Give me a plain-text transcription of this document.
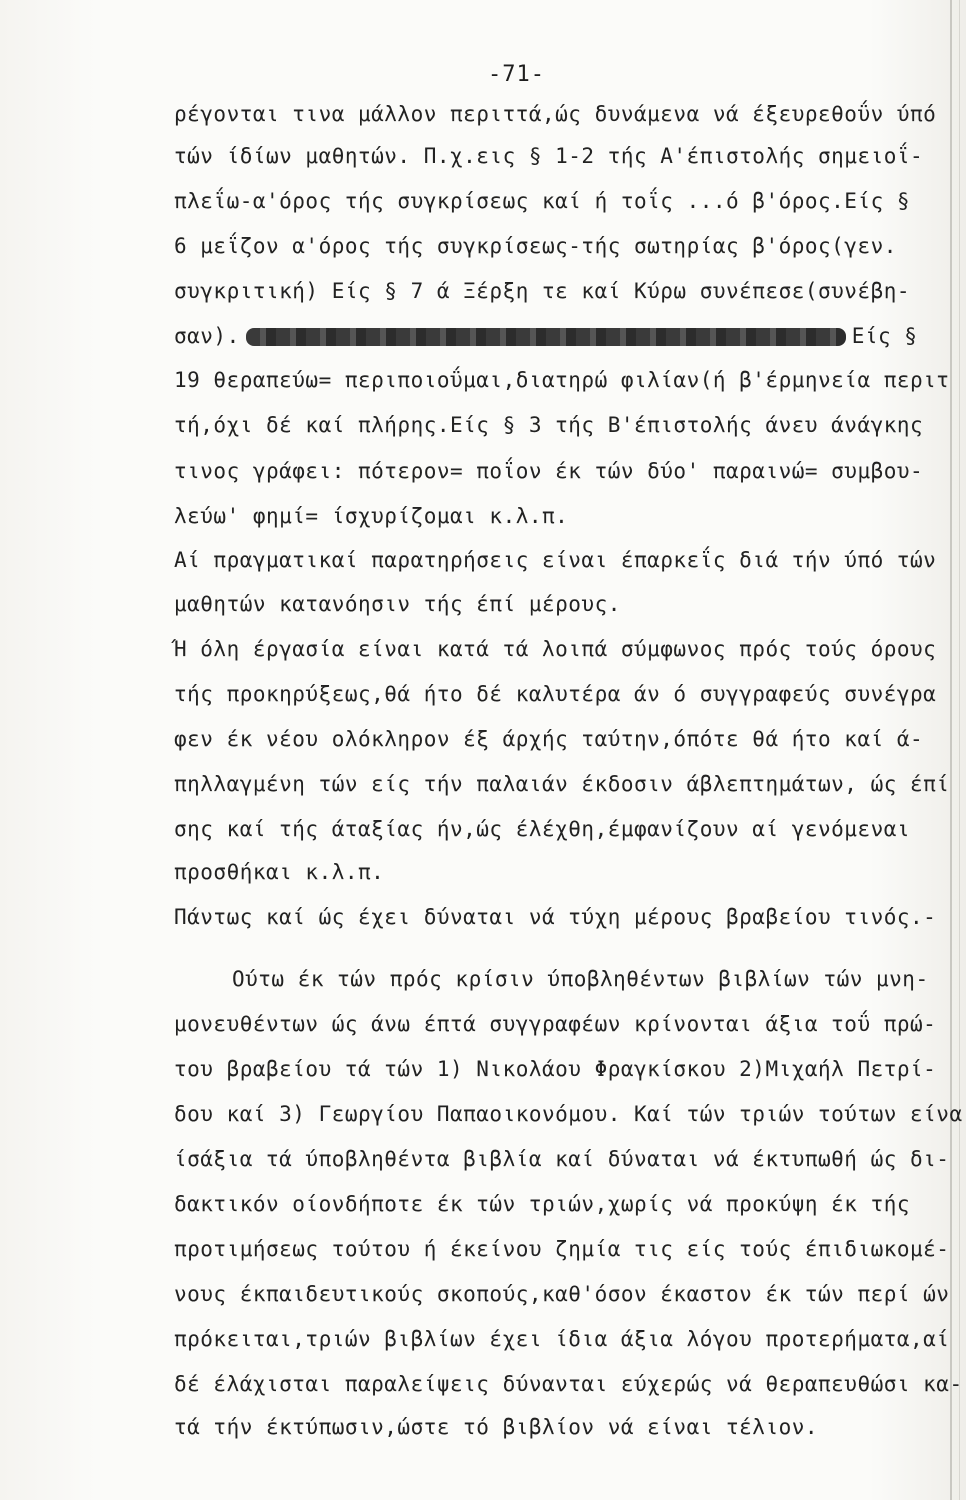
-71-
ρέγονται τινα μάλλον περιττά,ώς δυνάμενα νά έξευρεθοΰν ύπό
τών ίδίων μαθητών. Π.χ.εις § 1-2 τής Α'έπιστολής σημειοΐ-
πλεΐω-α'όρος τής συγκρίσεως καί ή τοΐς ...ό β'όρος.Είς §
6 μεΐζον α'όρος τής συγκρίσεως-τής σωτηρίας β'όρος(γεν.
συγκριτική) Είς § 7 ά Ξέρξη τε καί Κύρω συνέπεσε(συνέβη-
σαν).	Είς §
19 θεραπεύω= περιποιοΰμαι,διατηρώ φιλίαν(ή β'έρμηνεία περιτ
τή,όχι δέ καί πλήρης.Είς § 3 τής Β'έπιστολής άνευ άνάγκης
τινος γράφει: πότερον= ποΐον έκ τών δύο' παραινώ= συμβου-
λεύω' φημί= ίσχυρίζομαι κ.λ.π.
Αί πραγματικαί παρατηρήσεις είναι έπαρκεΐς διά τήν ύπό τών
μαθητών κατανόησιν τής έπί μέρους.
Ή όλη έργασία είναι κατά τά λοιπά σύμφωνος πρός τούς όρους
τής προκηρύξεως,θά ήτο δέ καλυτέρα άν ό συγγραφεύς συνέγρα
φεν έκ νέου ολόκληρον έξ άρχής ταύτην,όπότε θά ήτο καί ά-
πηλλαγμένη τών είς τήν παλαιάν έκδοσιν άβλεπτημάτων, ώς έπί
σης καί τής άταξίας ήν,ώς έλέχθη,έμφανίζουν αί γενόμεναι
προσθήκαι κ.λ.π.
Πάντως καί ώς έχει δύναται νά τύχη μέρους βραβείου τινός.-
Ούτω έκ τών πρός κρίσιν ύποβληθέντων βιβλίων τών μνη-
μονευθέντων ώς άνω έπτά συγγραφέων κρίνονται άξια τοΰ πρώ-
του βραβείου τά τών 1) Νικολάου Φραγκίσκου 2)Μιχαήλ Πετρί-
δου καί 3) Γεωργίου Παπαοικονόμου. Καί τών τριών τούτων είνα
ίσάξια τά ύποβληθέντα βιβλία καί δύναται νά έκτυπωθή ώς δι-
δακτικόν οίονδήποτε έκ τών τριών,χωρίς νά προκύψη έκ τής
προτιμήσεως τούτου ή έκείνου ζημία τις είς τούς έπιδιωκομέ-
νους έκπαιδευτικούς σκοπούς,καθ'όσον έκαστον έκ τών περί ών
πρόκειται,τριών βιβλίων έχει ίδια άξια λόγου προτερήματα,αί
δέ έλάχισται παραλείψεις δύνανται εύχερώς νά θεραπευθώσι κα-
τά τήν έκτύπωσιν,ώστε τό βιβλίον νά είναι τέλιον.
